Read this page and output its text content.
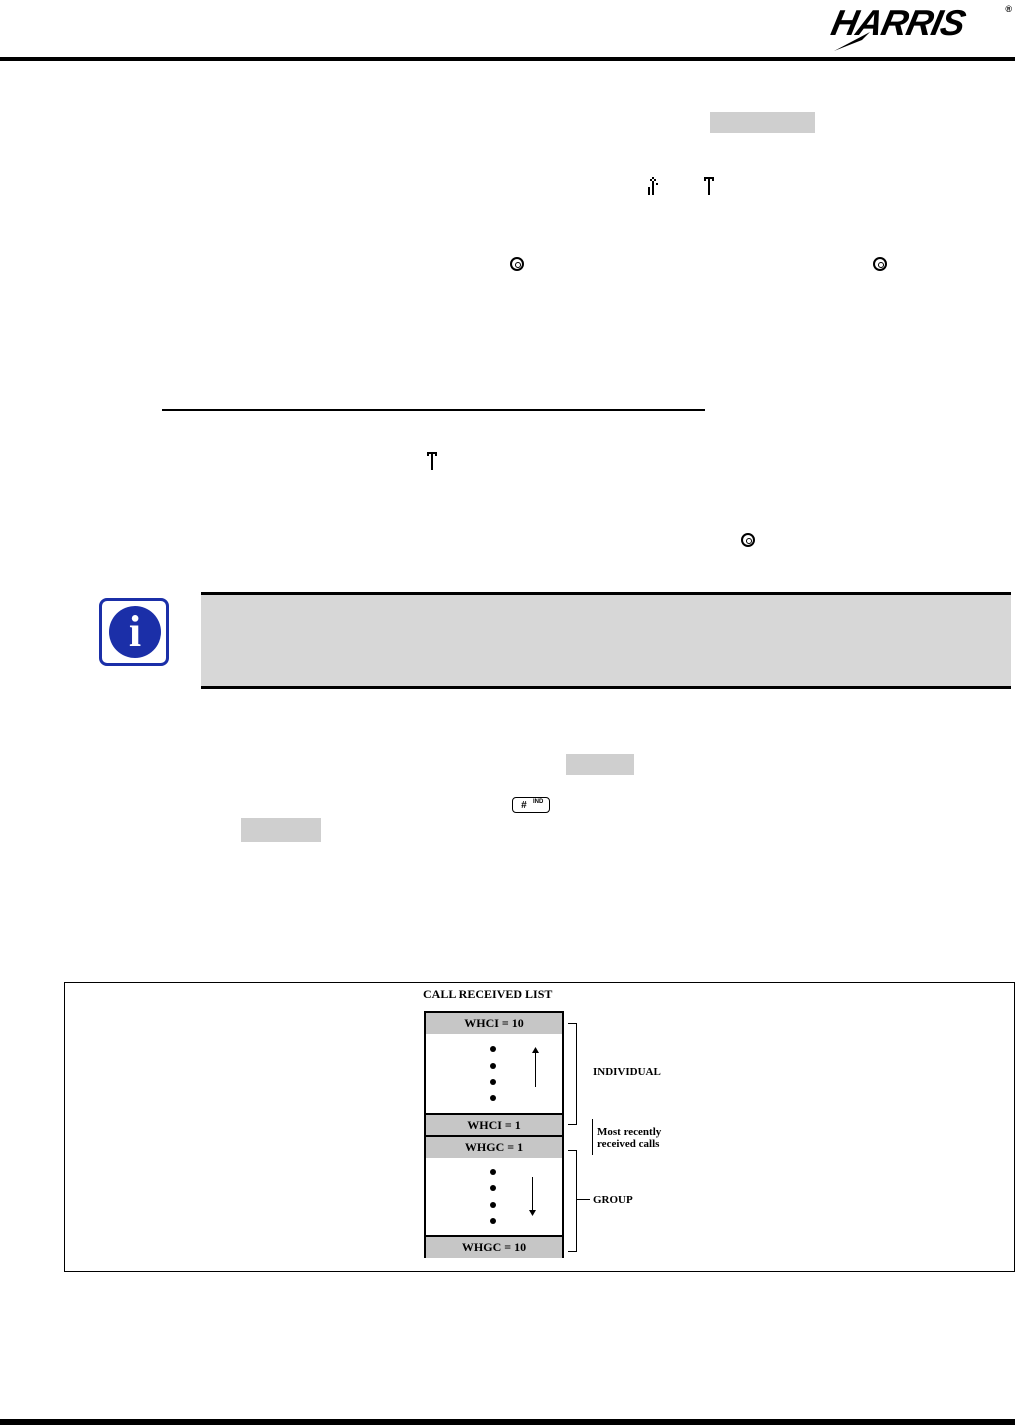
HARRIS	®
i
# IND
CALL RECEIVED LIST
WHCI = 10
WHCI = 1
WHGC = 1
WHGC = 10
INDIVIDUAL
Most recently
received calls
GROUP
